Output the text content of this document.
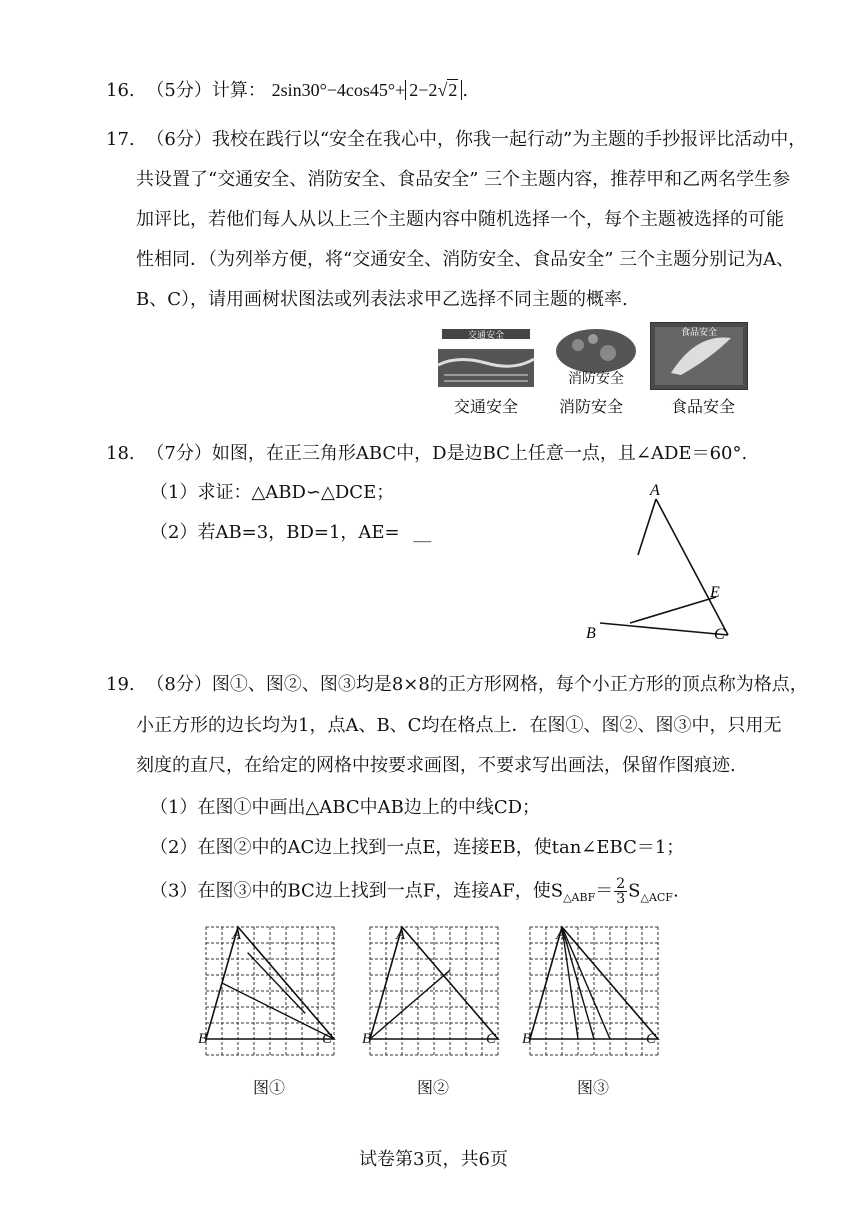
16. （5分）计算： 2sin30°−4cos45°+ 2−2√2 .
17. （6分）我校在践行以“安全在我心中，你我一起行动”为主题的手抄报评比活动中，
共设置了“交通安全、消防安全、食品安全” 三个主题内容，推荐甲和乙两名学生参
加评比，若他们每人从以上三个主题内容中随机选择一个，每个主题被选择的可能
性相同．（为列举方便，将“交通安全、消防安全、食品安全” 三个主题分别记为A、
B、C），请用画树状图法或列表法求甲乙选择不同主题的概率.
交通安全
消防安全
食品安全
交通安全	消防安全	食品安全
18. （7分）如图，在正三角形ABC中，D是边BC上任意一点，且∠ADE＝60°.
（1）求证：△ABD∽△DCE；
（2）若AB=3，BD=1，AE= __
A
B	C
E
19. （8分）图①、图②、图③均是8×8的正方形网格，每个小正方形的顶点称为格点，
小正方形的边长均为1，点A、B、C均在格点上．在图①、图②、图③中，只用无
刻度的直尺，在给定的网格中按要求画图，不要求写出画法，保留作图痕迹.
（1）在图①中画出△ABC中AB边上的中线CD；
（2）在图②中的AC边上找到一点E，连接EB，使tan∠EBC＝1；
（3）在图③中的BC边上找到一点F，连接AF，使$S_{\triangle ABF}= \frac{2}{3} S_{\triangle ACF}$.
A
B	C
A
B	C
A
B	C
图①	图②	图③
试卷第3页，共6页
